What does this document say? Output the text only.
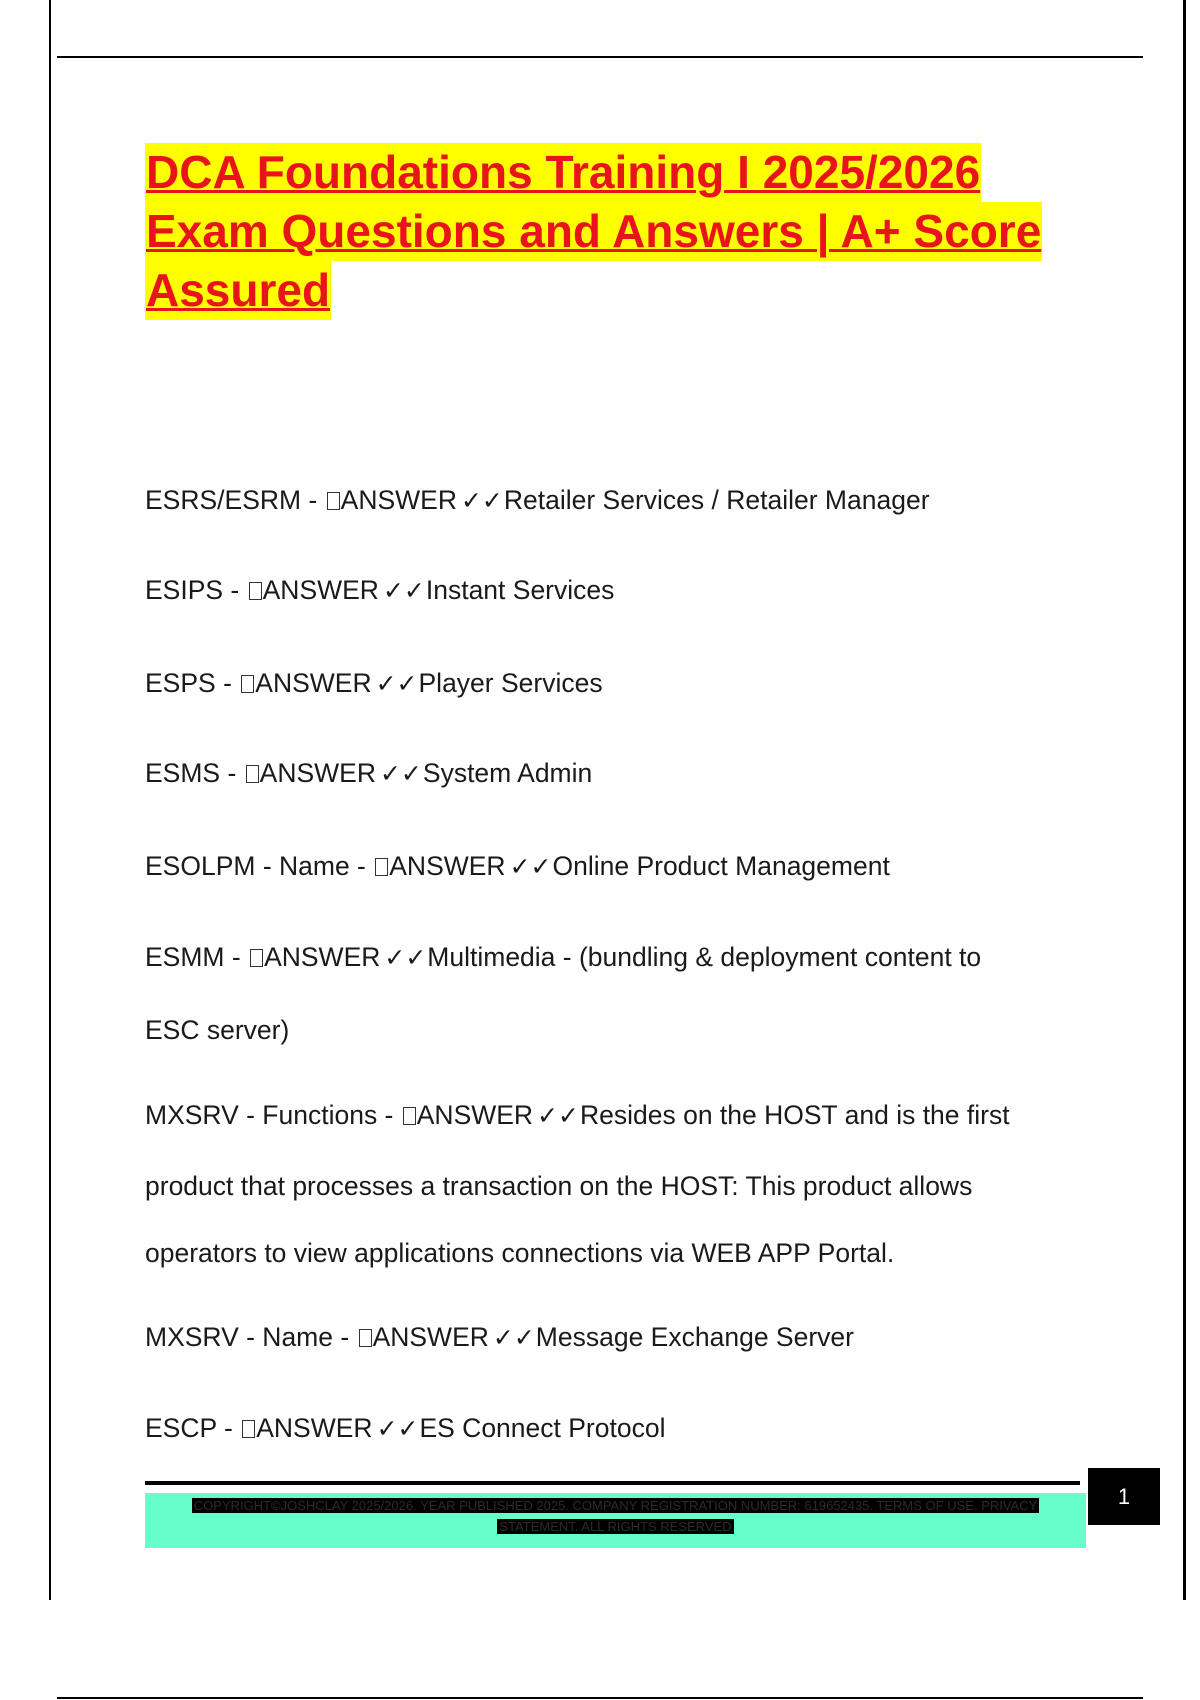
DCA Foundations Training I 2025/2026
Exam Questions and Answers | A+ Score
Assured
ESRS/ESRM - ANSWER ✓✓Retailer Services / Retailer Manager
ESIPS - ANSWER ✓✓Instant Services
ESPS - ANSWER ✓✓Player Services
ESMS - ANSWER ✓✓System Admin
ESOLPM - Name - ANSWER ✓✓Online Product Management
ESMM - ANSWER ✓✓Multimedia - (bundling & deployment content to
ESC server)
MXSRV - Functions - ANSWER ✓✓Resides on the HOST and is the first
product that processes a transaction on the HOST: This product allows
operators to view applications connections via WEB APP Portal.
MXSRV - Name - ANSWER ✓✓Message Exchange Server
ESCP - ANSWER ✓✓ES Connect Protocol
COPYRIGHT©JOSHCLAY 2025/2026. YEAR PUBLISHED 2025. COMPANY REGISTRATION NUMBER: 619652435. TERMS OF USE. PRIVACY
STATEMENT. ALL RIGHTS RESERVED
1
